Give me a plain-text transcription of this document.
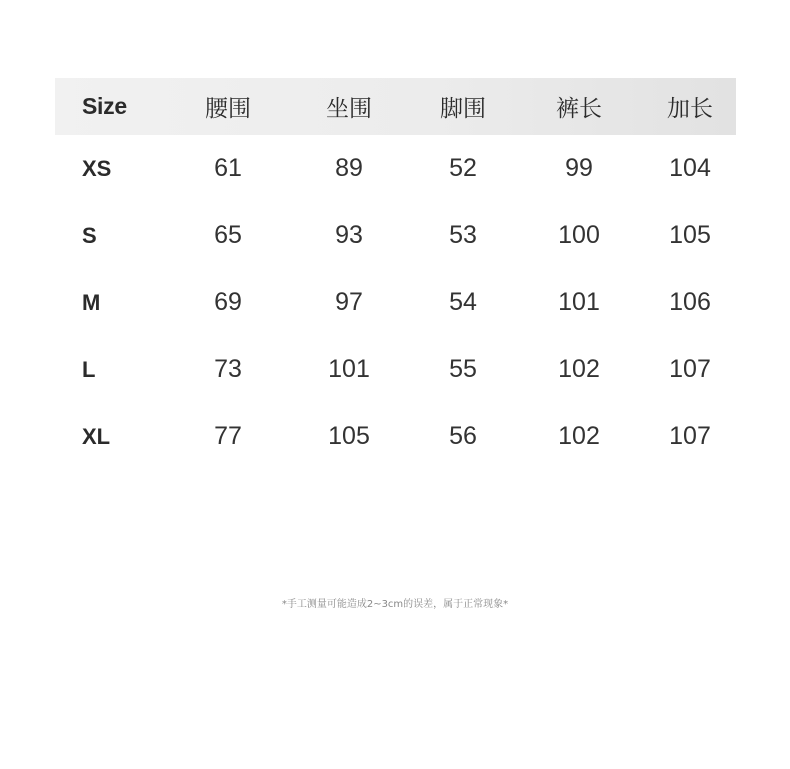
Size	腰围	坐围	脚围	裤长	加长
XS	61	89	52	99	104
S	65	93	53	100	105
M	69	97	54	101	106
L	73	101	55	102	107
XL	77	105	56	102	107
*手工测量可能造成2~3cm的误差，属于正常现象*
